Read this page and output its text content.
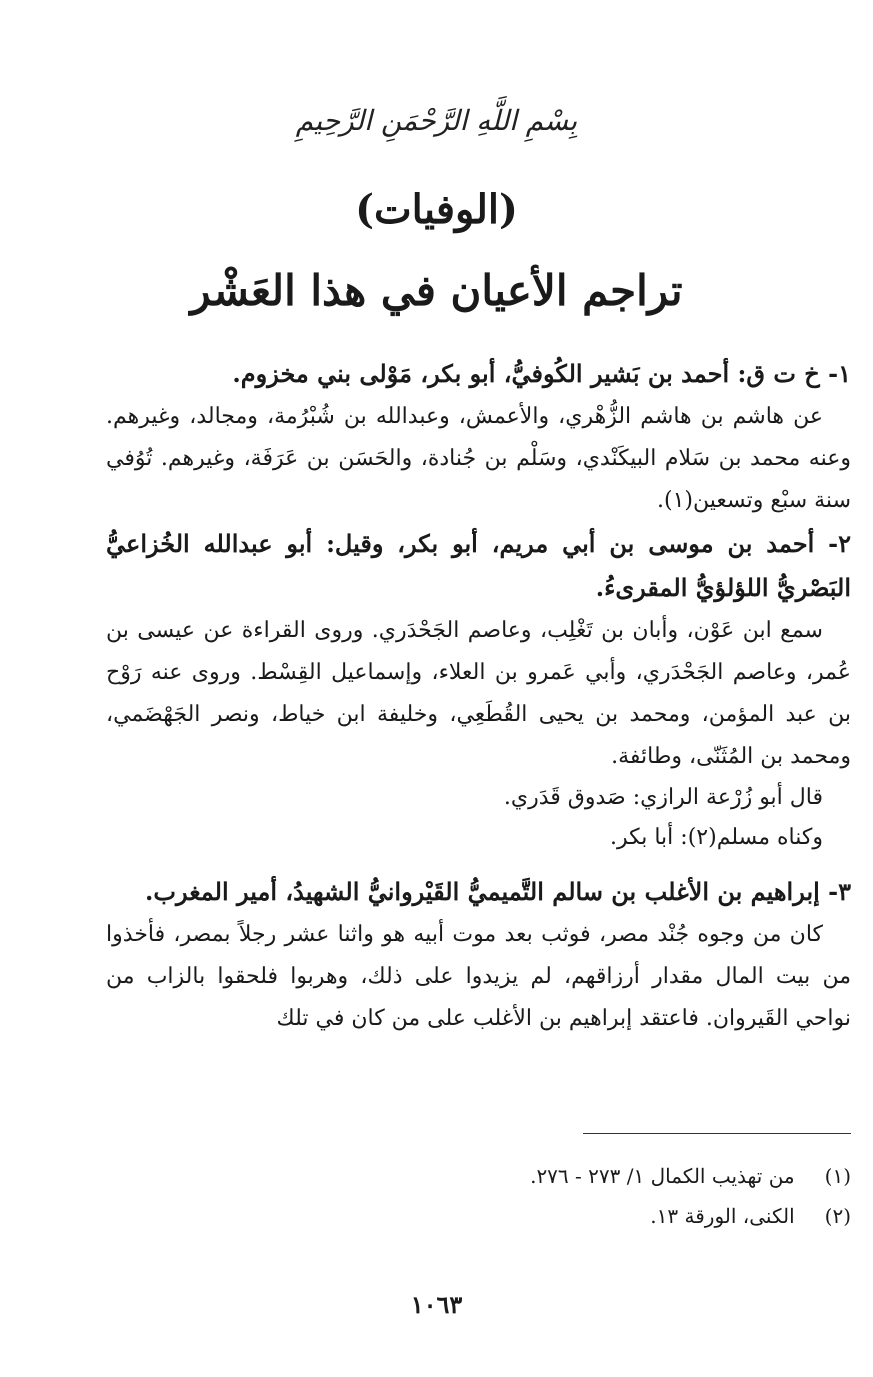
بِسْمِ اللَّهِ الرَّحْمَنِ الرَّحِيمِ
(الوفيات)
تراجم الأعيان في هذا العَشْر
١- خ ت ق: أحمد بن بَشير الكُوفيُّ، أبو بكر، مَوْلى بني مخزوم.
عن هاشم بن هاشم الزُّهْري، والأعمش، وعبدالله بن شُبْرُمة، ومجالد، وغيرهم. وعنه محمد بن سَلام البيكَنْدي، وسَلْم بن جُنادة، والحَسَن بن عَرَفَة، وغيرهم. تُوُفي سنة سبْع وتسعين(١).
٢- أحمد بن موسى بن أبي مريم، أبو بكر، وقيل: أبو عبدالله الخُزاعيُّ البَصْريُّ اللؤلؤيُّ المقرىءُ.
سمع ابن عَوْن، وأبان بن تَغْلِب، وعاصم الجَحْدَري. وروى القراءة عن عيسى بن عُمر، وعاصم الجَحْدَري، وأبي عَمرو بن العلاء، وإسماعيل القِسْط. وروى عنه رَوْح بن عبد المؤمن، ومحمد بن يحيى القُطَعِي، وخليفة ابن خياط، ونصر الجَهْضَمي، ومحمد بن المُثَنّى، وطائفة.
قال أبو زُرْعة الرازي: صَدوق قَدَري.
وكناه مسلم(٢): أبا بكر.
٣- إبراهيم بن الأغلب بن سالم التَّميميُّ القَيْروانيُّ الشهيدُ، أمير المغرب.
كان من وجوه جُنْد مصر، فوثب بعد موت أبيه هو واثنا عشر رجلاً بمصر، فأخذوا من بيت المال مقدار أرزاقهم، لم يزيدوا على ذلك، وهربوا فلحقوا بالزاب من نواحي القَيروان. فاعتقد إبراهيم بن الأغلب على من كان في تلك
(١) من تهذيب الكمال ١/ ٢٧٣ - ٢٧٦.
(٢) الكنى، الورقة ١٣.
١٠٦٣
